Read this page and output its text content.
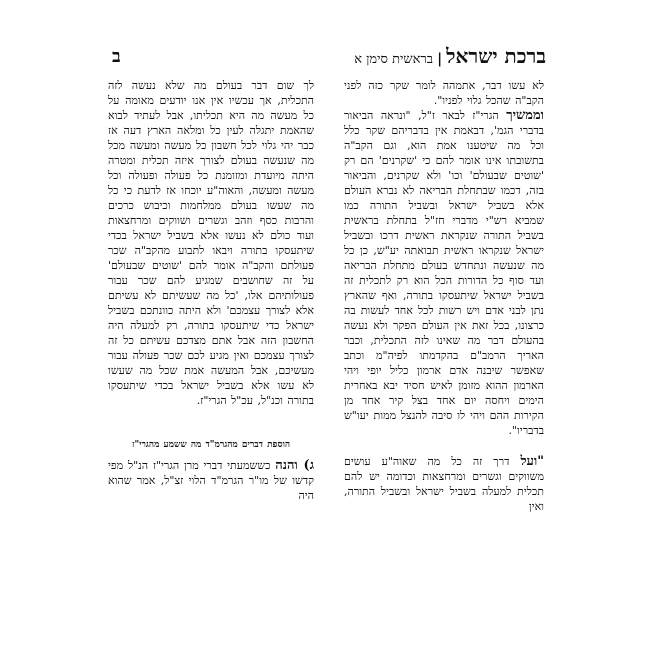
ב	ברכת ישראל|בראשית סימן א

לא עשו דבר, אתמהה לומר שקר כזה לפני הקב"ה שהכל גלוי לפניו".

וממשיך הגרי"ז לבאר ז"ל, "ונראה הביאור בדברי הגמ', דבאמת אין בדבריהם שקר כלל וכל מה שיטענו אמת הוא, וגם הקב"ה בתשובתו אינו אומר להם כי 'שקרנים' הם רק 'שוטים שבעולם' וכו' ולא שקרנים, והביאור בזה, דכמו שבתחלת הבריאה לא נברא העולם אלא בשביל ישראל ובשביל התורה כמו שמביא רש"י מדברי חז"ל בתחלת בראשית בשביל התורה שנקראת ראשית דרכו ובשביל ישראל שנקראו ראשית תבואתה יע"ש, כן כל מה שנעשה ונתחדש בעולם מתחלת הבריאה ועד סוף כל הדורות הכל הוא רק לתכלית זה בשביל ישראל שיתעסקו בתורה, ואף שהארץ נתן לבני אדם ויש רשות לכל אחד לעשות בה כרצונו, בכל זאת אין העולם הפקר ולא נעשה בהעולם דבר מה שאינו לזה התכלית, וכבר האריך הרמב"ם בהקדמתו לפיה"מ וכתב שאפשר שיבנה אדם ארמון כליל יופי ויהי הארמון ההוא מזומן לאיש חסיד יבא באחרית הימים ויחסה יום אחד בצל קיר אחד מן הקירות ההם ויהי לו סיבה להנצל ממות יעו"ש בדבריו".

"ועל דרך זה כל מה שאוה"ע עושים משווקים וגשרים ומרחצאות וכדומה יש להם תכלית למעלה בשביל ישראל ובשביל התורה, ואין

לך שום דבר בעולם מה שלא נעשה לזה התכלית, אך עכשיו אין אנו יודעים מאומה על כל מעשה מה היא תכליתו, אבל לעתיד לבוא שהאמת יתגלה לעין כל ומלאה הארץ דעה אז כבר יהי גלוי לכל חשבון כל מעשה ומעשה מכל מה שנעשה בעולם לצורך איזה תכלית ומטרה היתה מיועדת ומזומנת כל פעולה ופעולה וכל מעשה ומעשה, והאוה"ע יוכחו אז לדעת כי כל מה שעשו בעולם ממלחמות וכיבוש כרכים והרבות כסף וזהב וגשרים ושווקים ומרחצאות ועוד כולם לא נעשו אלא בשביל ישראל בכדי שיתעסקו בתורה ויבאו לתבוע מהקב"ה שכר פעולתם והקב"ה אומר להם 'שוטים שבעולם' על זה שחושבים שמגיע להם שכר עבור פעולותיהם אלו, 'כל מה שעשיתם לא עשיתם אלא לצורך עצמכם' ולא היתה כוונתכם בשביל ישראל כדי שיתעסקו בתורה, רק למעלה היה החשבון הזה אבל אתם מצדכם עשיתם כל זה לצורך עצמכם ואין מגיע לכם שכר פעולה עבור מעשיכם, אבל המעשה אמת שכל מה שעשו לא עשו אלא בשביל ישראל בכדי שיתעסקו בתורה וכנ"ל, עכ"ל הגרי"ז.

הוספת דברים מהגרמ"ד מה ששמע מהגרי"ז

ג) והנה כששמעתי דברי מרן הגרי"ז הנ"ל מפי קדשו של מו"ר הגרמ"ד הלוי זצ"ל, אמר שהוא היה
